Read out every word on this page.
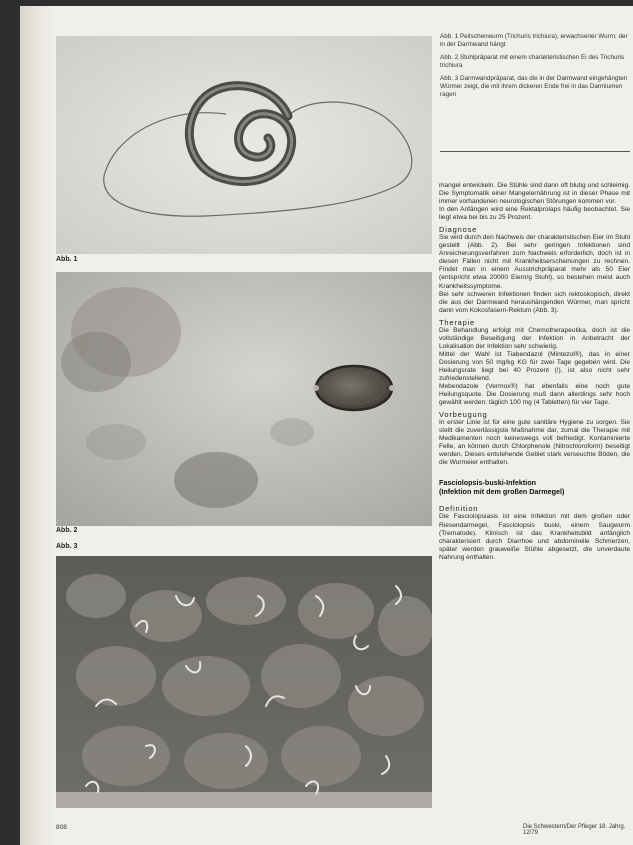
Abb. 1
Abb. 2
Abb. 3

Abb. 1 Peitschenwurm (Trichuris trichiura), erwachsener Wurm; der in der Darmwand hängt

Abb. 2 Stuhlpräparat mit einem charakteristischen Ei des Trichuris trichiura

Abb. 3 Darmwandpräparat, das die in der Darmwand eingehängten Würmer zeigt, die mit ihrem dickeren Ende frei in das Darmlumen ragen

mangel entwickeln. Die Stühle sind dann oft blutig und schleimig. Die Symptomatik einer Mangelernährung ist in dieser Phase mit immer vorhandenen neurologischen Störungen kommen vor.

In den Anfängen wird eine Rektalprolaps häufig beobachtet. Sie liegt etwa bei bis zu 25 Prozent.

Diagnose

Sie wird durch den Nachweis der charakteristischen Eier im Stuhl gestellt (Abb. 2). Bei sehr geringen Infektionen sind Anreicherungsverfahren zum Nachweis erforderlich, doch ist in diesen Fällen nicht mit Krankheitserscheinungen zu rechnen. Findet man in einem Ausstrichpräparat mehr als 50 Eier (entspricht etwa 20000 Eiern/g Stuhl), so bestehen meist auch Krankheitssymptome.

Bei sehr schweren Infektionen finden sich rektoskopisch, direkt die aus der Darmwand heraushängenden Würmer, man spricht dann vom Kokosfasern-Rektum (Abb. 3).

Therapie

Die Behandlung erfolgt mit Chemotherapeutika, doch ist die vollständige Beseitigung der Infektion in Anbetracht der Lokalisation der Infektion sehr schwierig.

Mittel der Wahl ist Tiabendazol (Mintezol®), das in einer Dosierung von 50 mg/kg KG für zwei Tage gegeben wird. Die Heilungsrate liegt bei 40 Prozent (!), ist also nicht sehr zufriedenstellend.

Mebendazole (Vermox®) hat ebenfalls eine noch gute Heilungsquote. Die Dosierung muß dann allerdings sehr hoch gewählt werden: täglich 100 mg (4 Tabletten) für vier Tage.

Vorbeugung

In erster Linie ist für eine gute sanitäre Hygiene zu sorgen. Sie stellt die zuverlässigste Maßnahme dar, zumal die Therapie mit Medikamenten noch keineswegs voll befriedigt. Kontaminierte Felle, an können durch Chlorphenole (Nitrochloroform) beseitigt werden. Dieses entstehende Gebiet stark verseuchte Böden, die die Wurmeier enthalten.

Fasciolopsis-buski-Infektion
(Infektion mit dem großen Darmegel)
Definition

Die Fasciolopsiasis ist eine Infektion mit dem großen oder Riesendarmegel, Fasciolopsis buski, einem Saugwurm (Trematode). Klinisch ist das Krankheitsbild anfänglich charakterisiert durch Diarrhoe und abdominelle Schmerzen, später werden grauweiße Stühle abgesetzt, die unverdaute Nahrung enthalten.

808	Die Schwestern/Der Pfleger 18. Jahrg. 12/79
